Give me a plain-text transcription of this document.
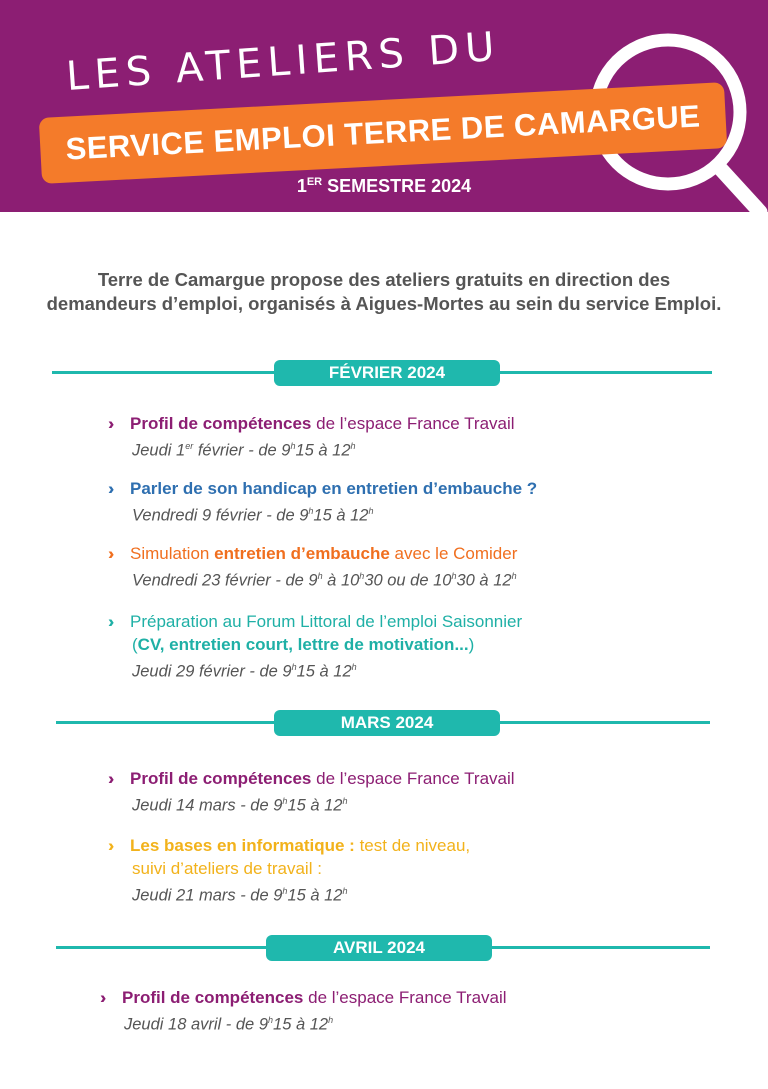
LES ATELIERS DU
SERVICE EMPLOI TERRE DE CAMARGUE
1ER SEMESTRE 2024
Terre de Camargue propose des ateliers gratuits en direction des
demandeurs d’emploi, organisés à Aigues-Mortes au sein du service Emploi.
FÉVRIER 2024
›› Profil de compétences de l’espace France Travail
Jeudi 1er février - de 9$^h$15 à 12$^h$
›› Parler de son handicap en entretien d’embauche ?
Vendredi 9 février - de 9$^h$15 à 12$^h$
›› Simulation entretien d’embauche avec le Comider
Vendredi 23 février - de 9$^h$ à 10$^h$30 ou de 10$^h$30 à 12$^h$
›› Préparation au Forum Littoral de l’emploi Saisonnier
(CV, entretien court, lettre de motivation...)
Jeudi 29 février - de 9$^h$15 à 12$^h$
MARS 2024
›› Profil de compétences de l’espace France Travail
Jeudi 14 mars - de 9$^h$15 à 12$^h$
›› Les bases en informatique : test de niveau,
suivi d’ateliers de travail :
Jeudi 21 mars - de 9$^h$15 à 12$^h$
AVRIL 2024
›› Profil de compétences de l’espace France Travail
Jeudi 18 avril - de 9$^h$15 à 12$^h$
